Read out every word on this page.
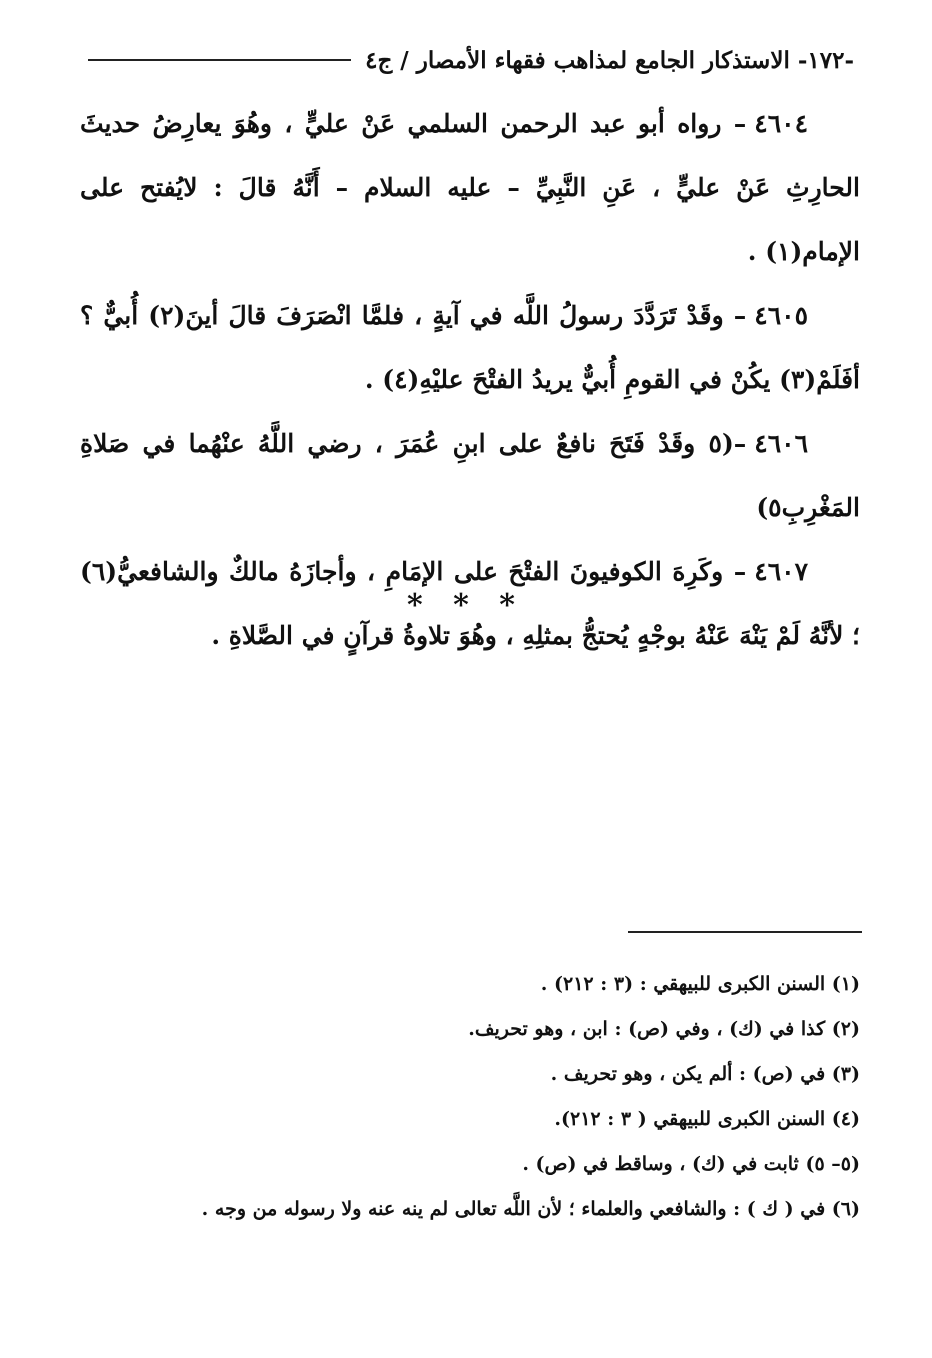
-١٧٢- الاستذكار الجامع لمذاهب فقهاء الأمصار / ج٤

٤٦٠٤– رواه أبو عبد الرحمن السلمي عَنْ عليٍّ ، وهُوَ يعارِضُ حديثَ الحارِثِ عَنْ عليٍّ ، عَنِ النَّبِيِّ – عليه السلام – أَنَّهُ قالَ : لايُفتح على الإمام(١) .

٤٦٠٥– وقَدْ تَرَدَّدَ رسولُ اللَّه في آيةٍ ، فلمَّا انْصَرَفَ قالَ أينَ(٢) أُبيٌّ ؟ أفَلَمْ(٣) يكُنْ في القومِ أُبيٌّ يريدُ الفتْحَ عليْهِ(٤) .

٤٦٠٦–(٥ وقَدْ فَتَحَ نافعٌ على ابنِ عُمَرَ ، رضي اللَّهُ عنْهُما في صَلاةِ المَغْرِبِ٥)

٤٦٠٧– وكَرِهَ الكوفيونَ الفتْحَ على الإمَامِ ، وأجازَهُ مالكٌ والشافعيُّ(٦) ؛ لأنَّهُ لَمْ يَنْهَ عَنْهُ بوجْهٍ يُحتجُّ بمثلِهِ ، وهُوَ تلاوةُ قرآنٍ في الصَّلاةِ .

* * *
(١) السنن الكبرى للبيهقي : (٣ : ٢١٢) .
(٢) كذا في (ك) ، وفي (ص) : ابن ، وهو تحريف.
(٣) في (ص) : ألم يكن ، وهو تحريف .
(٤) السنن الكبرى للبيهقي ( ٣ : ٢١٢).
(٥– ٥) ثابت في (ك) ، وساقط في (ص) .
(٦) في ( ك ) : والشافعي والعلماء ؛ لأن اللَّه تعالى لم ينه عنه ولا رسوله من وجه .
